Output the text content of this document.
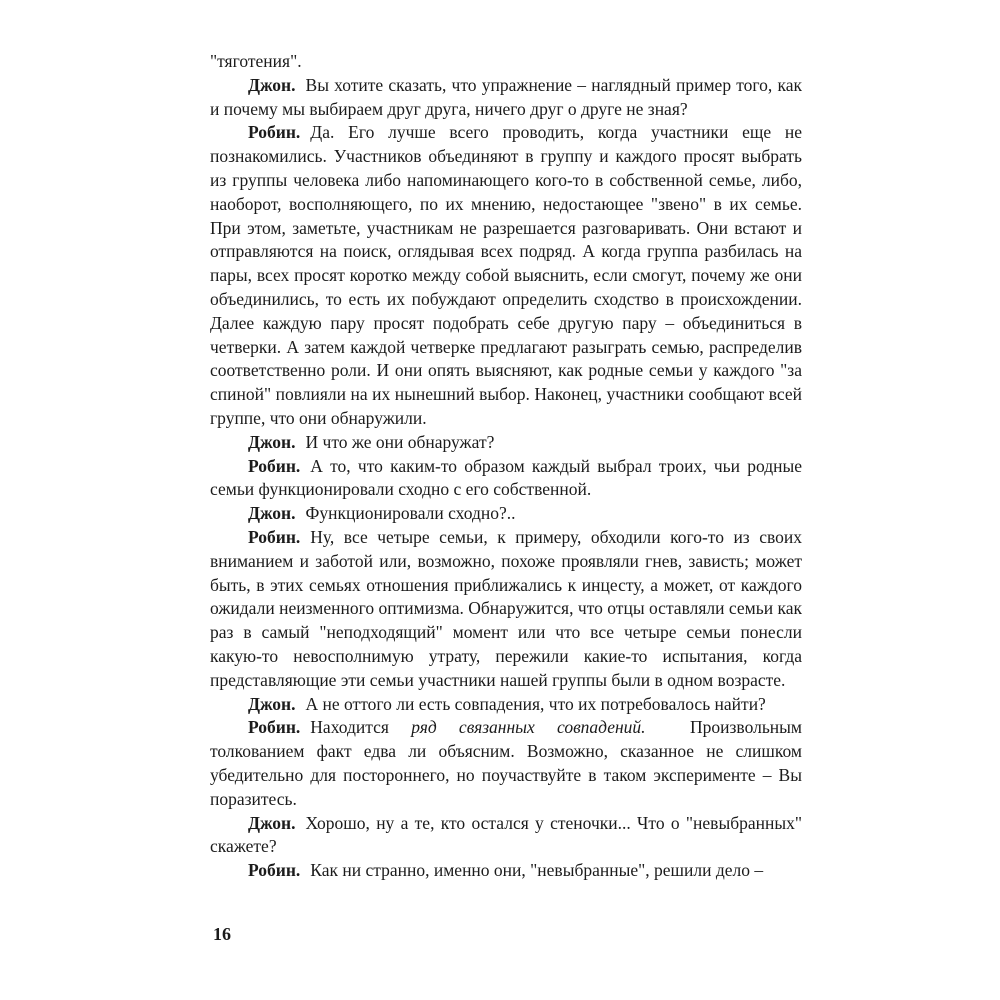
"тяготения".

Джон. Вы хотите сказать, что упражнение – наглядный пример того, как и почему мы выбираем друг друга, ничего друг о друге не зная?

Робин. Да. Его лучше всего проводить, когда участники еще не познакомились. Участников объединяют в группу и каждого просят выбрать из группы человека либо напоминающего кого-то в собственной семье, либо, наоборот, восполняющего, по их мнению, недостающее "звено" в их семье. При этом, заметьте, участникам не разрешается разговаривать. Они встают и отправляются на поиск, оглядывая всех подряд. А когда группа разбилась на пары, всех просят коротко между собой выяснить, если смогут, почему же они объединились, то есть их побуждают определить сходство в происхождении. Далее каждую пару просят подобрать себе другую пару – объединиться в четверки. А затем каждой четверке предлагают разыграть семью, распределив соответственно роли. И они опять выясняют, как родные семьи у каждого "за спиной" повлияли на их нынешний выбор. Наконец, участники сообщают всей группе, что они обнаружили.

Джон. И что же они обнаружат?

Робин. А то, что каким-то образом каждый выбрал троих, чьи родные семьи функционировали сходно с его собственной.

Джон. Функционировали сходно?..

Робин. Ну, все четыре семьи, к примеру, обходили кого-то из своих вниманием и заботой или, возможно, похоже проявляли гнев, зависть; может быть, в этих семьях отношения приближались к инцесту, а может, от каждого ожидали неизменного оптимизма. Обнаружится, что отцы оставляли семьи как раз в самый "неподходящий" момент или что все четыре семьи понесли какую-то невосполнимую утрату, пережили какие-то испытания, когда представляющие эти семьи участники нашей группы были в одном возрасте.

Джон. А не оттого ли есть совпадения, что их потребовалось найти?

Робин. Находится ряд связанных совпадений.  Произвольным толкованием факт едва ли объясним. Возможно, сказанное не слишком убедительно для постороннего, но поучаствуйте в таком эксперименте – Вы поразитесь.

Джон. Хорошо, ну а те, кто остался у стеночки... Что о "невыбранных" скажете?

Робин. Как ни странно, именно они, "невыбранные", решили дело –

16
